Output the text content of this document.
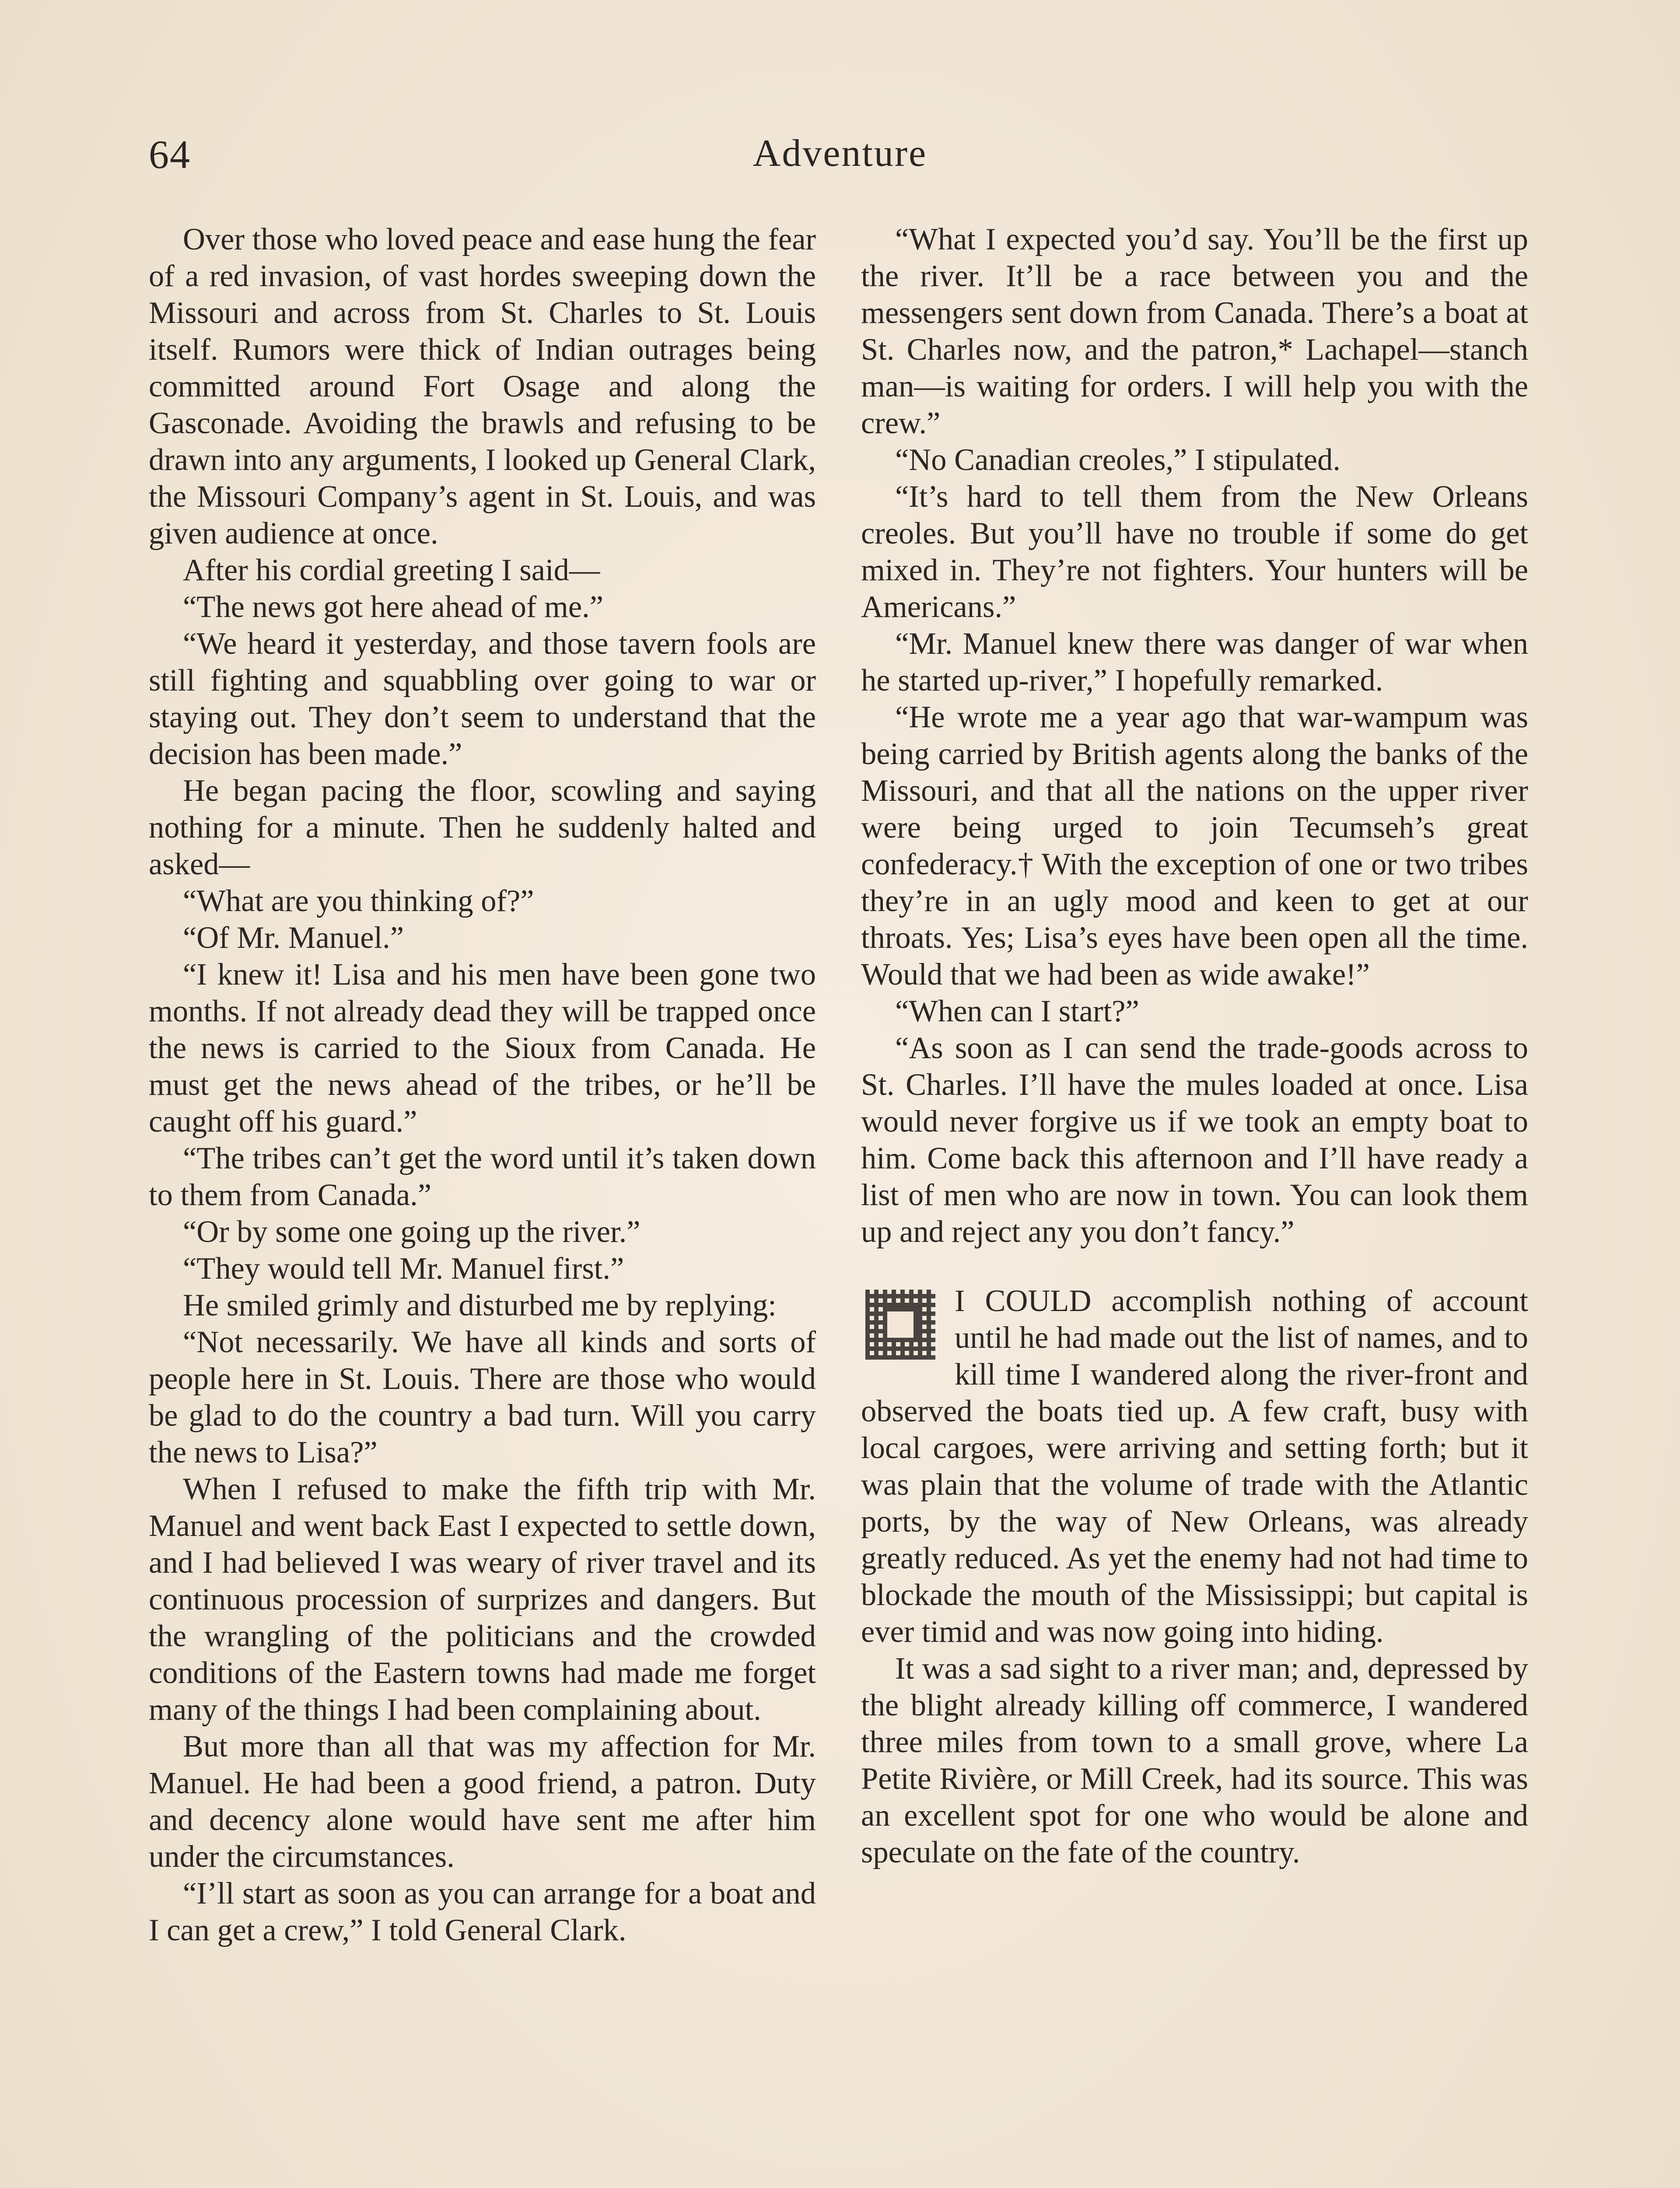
64	Adventure

Over those who loved peace and ease hung the fear of a red invasion, of vast hordes sweeping down the Missouri and across from St. Charles to St. Louis itself. Rumors were thick of Indian outrages being committed around Fort Osage and along the Gasconade. Avoiding the brawls and refusing to be drawn into any arguments, I looked up General Clark, the Missouri Company’s agent in St. Louis, and was given audience at once.

After his cordial greeting I said—

“The news got here ahead of me.”

“We heard it yesterday, and those tavern fools are still fighting and squabbling over going to war or staying out. They don’t seem to understand that the decision has been made.”

He began pacing the floor, scowling and saying nothing for a minute. Then he suddenly halted and asked—

“What are you thinking of?”

“Of Mr. Manuel.”

“I knew it! Lisa and his men have been gone two months. If not already dead they will be trapped once the news is carried to the Sioux from Canada. He must get the news ahead of the tribes, or he’ll be caught off his guard.”

“The tribes can’t get the word until it’s taken down to them from Canada.”

“Or by some one going up the river.”

“They would tell Mr. Manuel first.”

He smiled grimly and disturbed me by replying:

“Not necessarily. We have all kinds and sorts of people here in St. Louis. There are those who would be glad to do the country a bad turn. Will you carry the news to Lisa?”

When I refused to make the fifth trip with Mr. Manuel and went back East I expected to settle down, and I had believed I was weary of river travel and its continuous procession of surprizes and dangers. But the wrangling of the politicians and the crowded conditions of the Eastern towns had made me forget many of the things I had been complaining about.

But more than all that was my affection for Mr. Manuel. He had been a good friend, a patron. Duty and decency alone would have sent me after him under the circumstances.

“I’ll start as soon as you can arrange for a boat and I can get a crew,” I told General Clark.

“What I expected you’d say. You’ll be the first up the river. It’ll be a race between you and the messengers sent down from Canada. There’s a boat at St. Charles now, and the patron,* Lachapel—stanch man—is waiting for orders. I will help you with the crew.”

“No Canadian creoles,” I stipulated.

“It’s hard to tell them from the New Orleans creoles. But you’ll have no trouble if some do get mixed in. They’re not fighters. Your hunters will be Americans.”

“Mr. Manuel knew there was danger of war when he started up-river,” I hopefully remarked.

“He wrote me a year ago that war-wampum was being carried by British agents along the banks of the Missouri, and that all the nations on the upper river were being urged to join Tecumseh’s great confederacy.† With the exception of one or two tribes they’re in an ugly mood and keen to get at our throats. Yes; Lisa’s eyes have been open all the time. Would that we had been as wide awake!”

“When can I start?”

“As soon as I can send the trade-goods across to St. Charles. I’ll have the mules loaded at once. Lisa would never forgive us if we took an empty boat to him. Come back this afternoon and I’ll have ready a list of men who are now in town. You can look them up and reject any you don’t fancy.”

I COULD accomplish nothing of account until he had made out the list of names, and to kill time I wandered along the river-front and observed the boats tied up. A few craft, busy with local cargoes, were arriving and setting forth; but it was plain that the volume of trade with the Atlantic ports, by the way of New Orleans, was already greatly reduced. As yet the enemy had not had time to blockade the mouth of the Mississippi; but capital is ever timid and was now going into hiding.

It was a sad sight to a river man; and, depressed by the blight already killing off commerce, I wandered three miles from town to a small grove, where La Petite Rivière, or Mill Creek, had its source. This was an excellent spot for one who would be alone and speculate on the fate of the country.
